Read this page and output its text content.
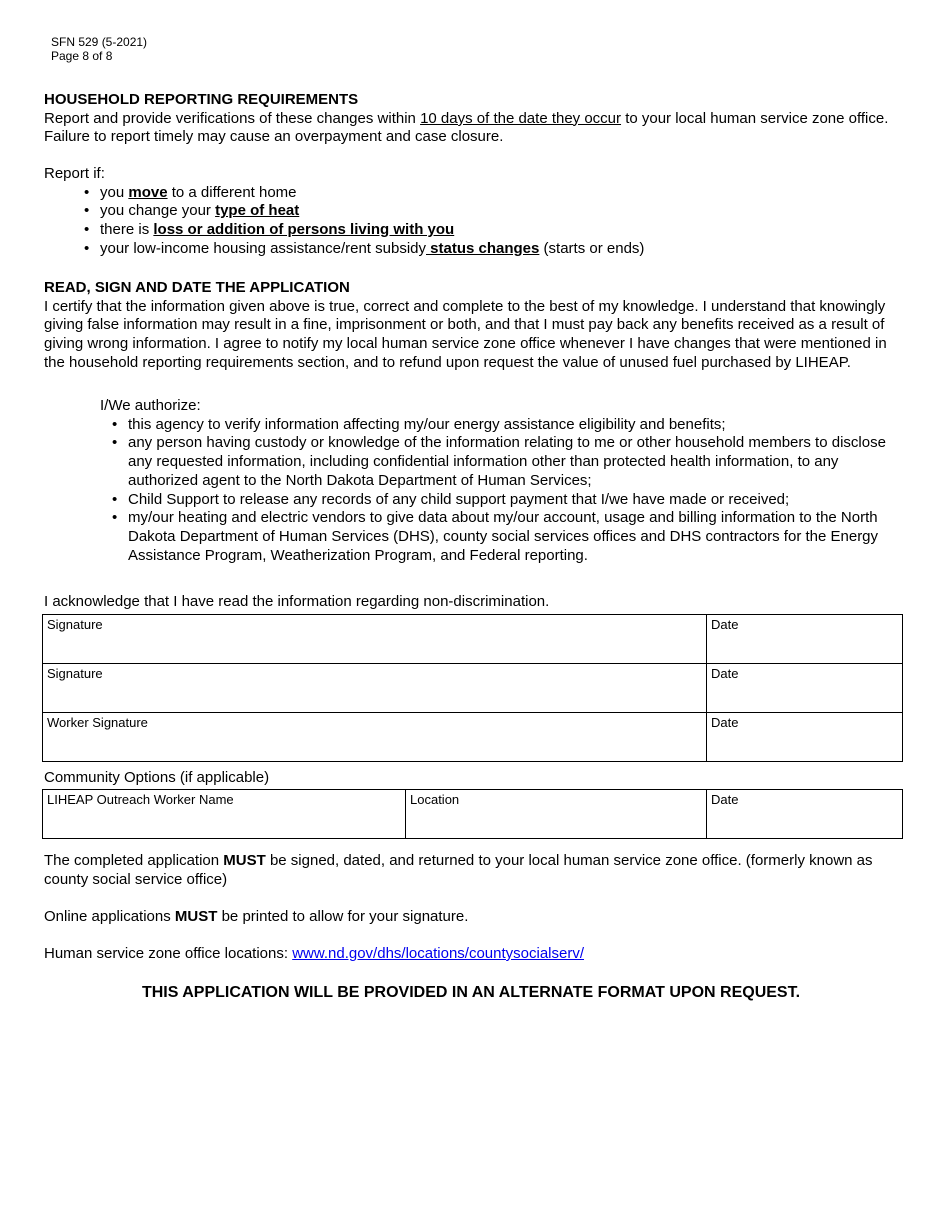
SFN 529 (5-2021)
Page 8 of 8
HOUSEHOLD REPORTING REQUIREMENTS

Report and provide verifications of these changes within 10 days of the date they occur to your local human service zone office. Failure to report timely may cause an overpayment and case closure.

Report if:

• you move to a different home
• you change your type of heat
• there is loss or addition of persons living with you
• your low-income housing assistance/rent subsidy status changes (starts or ends)
READ, SIGN AND DATE THE APPLICATION

I certify that the information given above is true, correct and complete to the best of my knowledge. I understand that knowingly giving false information may result in a fine, imprisonment or both, and that I must pay back any benefits received as a result of giving wrong information. I agree to notify my local human service zone office whenever I have changes that were mentioned in the household reporting requirements section, and to refund upon request the value of unused fuel purchased by LIHEAP.

I/We authorize:

• this agency to verify information affecting my/our energy assistance eligibility and benefits;
• any person having custody or knowledge of the information relating to me or other household members to disclose any requested information, including confidential information other than protected health information, to any authorized agent to the North Dakota Department of Human Services;
• Child Support to release any records of any child support payment that I/we have made or received;
• my/our heating and electric vendors to give data about my/our account, usage and billing information to the North Dakota Department of Human Services (DHS), county social services offices and DHS contractors for the Energy Assistance Program, Weatherization Program, and Federal reporting.
I acknowledge that I have read the information regarding non-discrimination.
Signature	Date
Signature	Date
Worker Signature	Date
Community Options (if applicable)
LIHEAP Outreach Worker Name	Location	Date
The completed application MUST be signed, dated, and returned to your local human service zone office. (formerly known as county social service office)
Online applications MUST be printed to allow for your signature.
Human service zone office locations: www.nd.gov/dhs/locations/countysocialserv/
THIS APPLICATION WILL BE PROVIDED IN AN ALTERNATE FORMAT UPON REQUEST.
